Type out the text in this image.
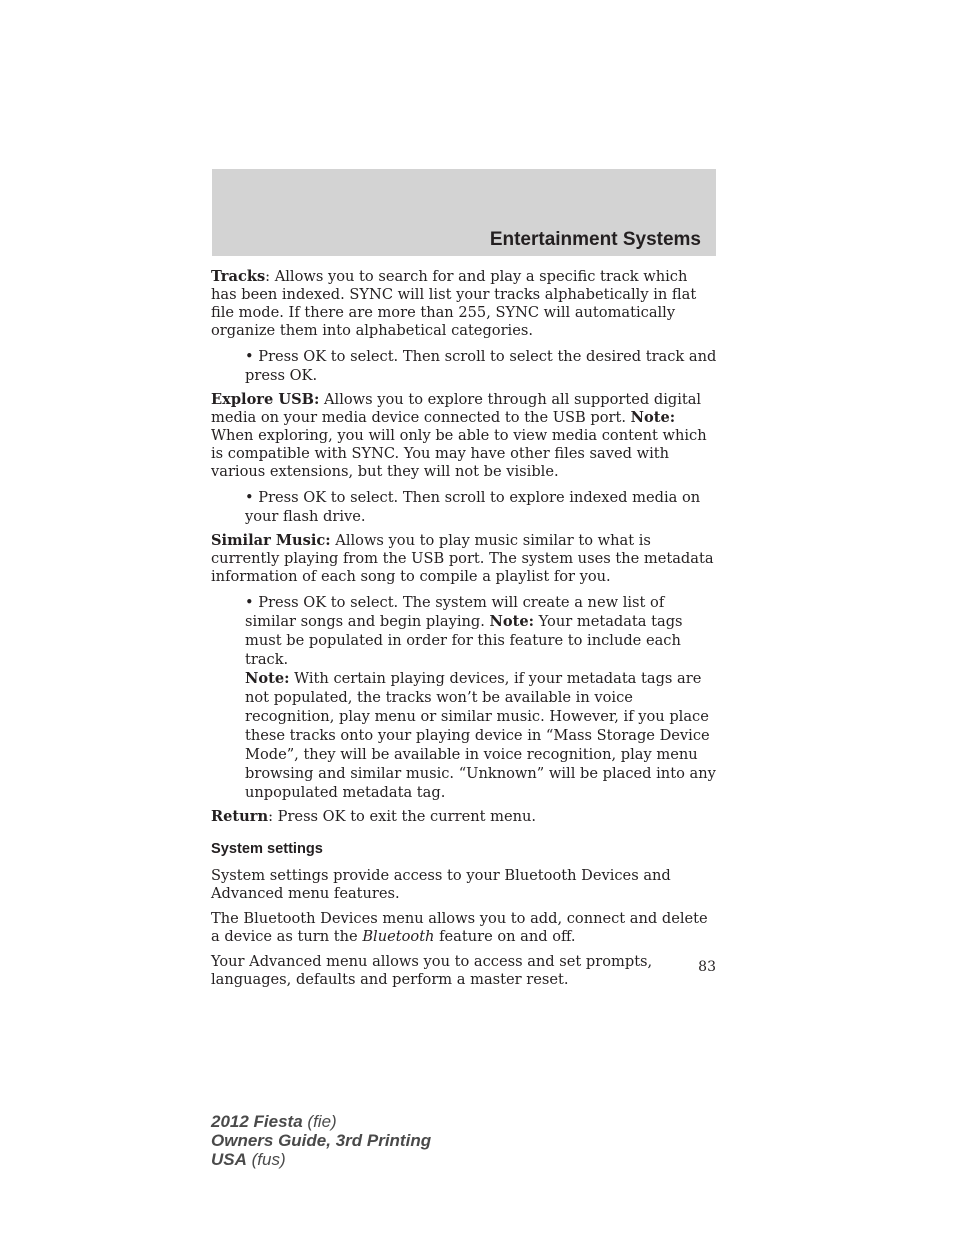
Entertainment Systems

Tracks: Allows you to search for and play a specific track which has been indexed. SYNC will list your tracks alphabetically in flat file mode. If there are more than 255, SYNC will automatically organize them into alphabetical categories.

• Press OK to select. Then scroll to select the desired track and press OK.

Explore USB: Allows you to explore through all supported digital media on your media device connected to the USB port. Note: When exploring, you will only be able to view media content which is compatible with SYNC. You may have other files saved with various extensions, but they will not be visible.

• Press OK to select. Then scroll to explore indexed media on your flash drive.

Similar Music: Allows you to play music similar to what is currently playing from the USB port. The system uses the metadata information of each song to compile a playlist for you.

• Press OK to select. The system will create a new list of similar songs and begin playing. Note: Your metadata tags must be populated in order for this feature to include each track.
Note: With certain playing devices, if your metadata tags are not populated, the tracks won’t be available in voice recognition, play menu or similar music. However, if you place these tracks onto your playing device in “Mass Storage Device Mode”, they will be available in voice recognition, play menu browsing and similar music. “Unknown” will be placed into any unpopulated metadata tag.

Return: Press OK to exit the current menu.

System settings

System settings provide access to your Bluetooth Devices and Advanced menu features.

The Bluetooth Devices menu allows you to add, connect and delete a device as turn the Bluetooth feature on and off.

Your Advanced menu allows you to access and set prompts, languages, defaults and perform a master reset.

83
2012 Fiesta (fie)
Owners Guide, 3rd Printing
USA (fus)
